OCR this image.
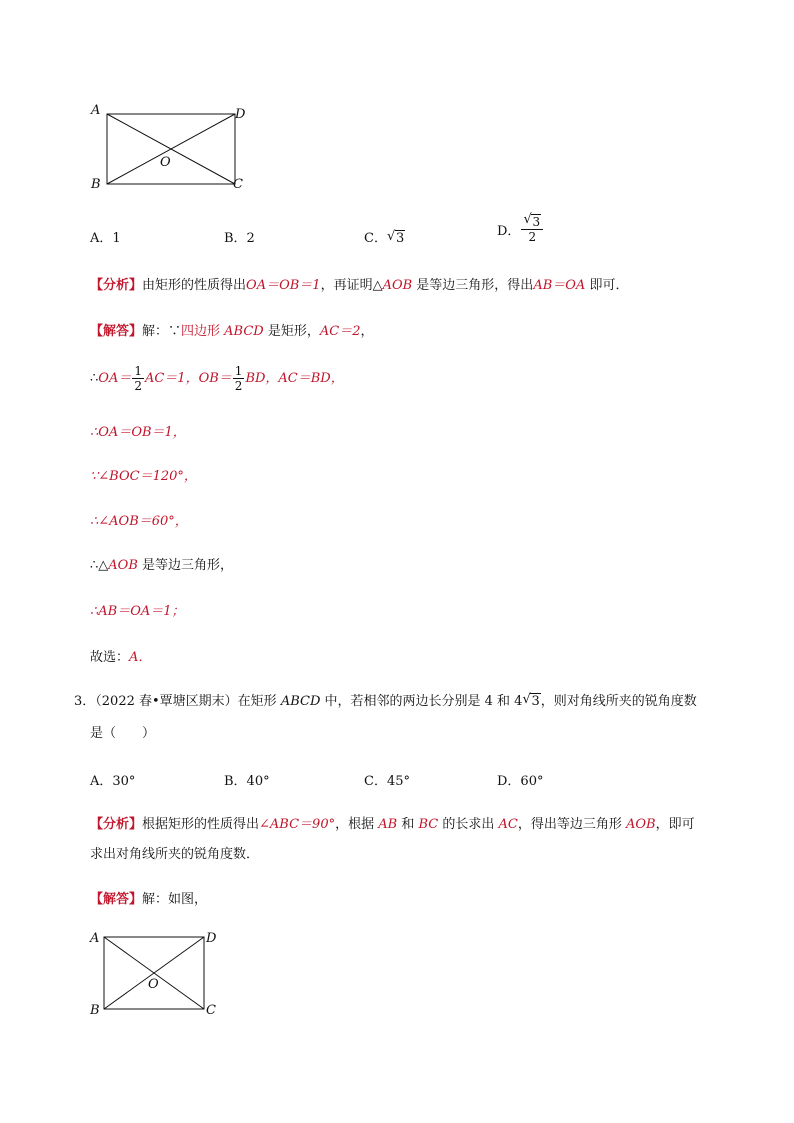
A
B	C
D
O
A．1	B．2	C． √ 3	D． $\frac{√ 3}{2}$
【分析】由矩形的性质得出OA＝OB＝1，再证明△AOB 是等边三角形，得出AB＝OA 即可．
【解答】解：∵四边形 ABCD 是矩形，AC＝2，
∴OA＝ $\frac{1}{2} AC=1$，$OB= \frac{1}{2}$ BD，AC＝BD，
∴OA＝OB＝1，
∵∠BOC＝120°，
∴∠AOB＝60°，
∴△AOB 是等边三角形，
∴AB＝OA＝1；
故选：A．
3．（2022 春•覃塘区期末）在矩形 ABCD 中，若相邻的两边长分别是 4 和 4 √ 3，则对角线所夹的锐角度数
是（　　）
A．30°	B．40°	C．45°	D．60°
【分析】根据矩形的性质得出∠ABC＝90°，根据 AB 和 BC 的长求出 AC，得出等边三角形 AOB，即可
求出对角线所夹的锐角度数．
【解答】解：如图，
A
B	C
D
O
